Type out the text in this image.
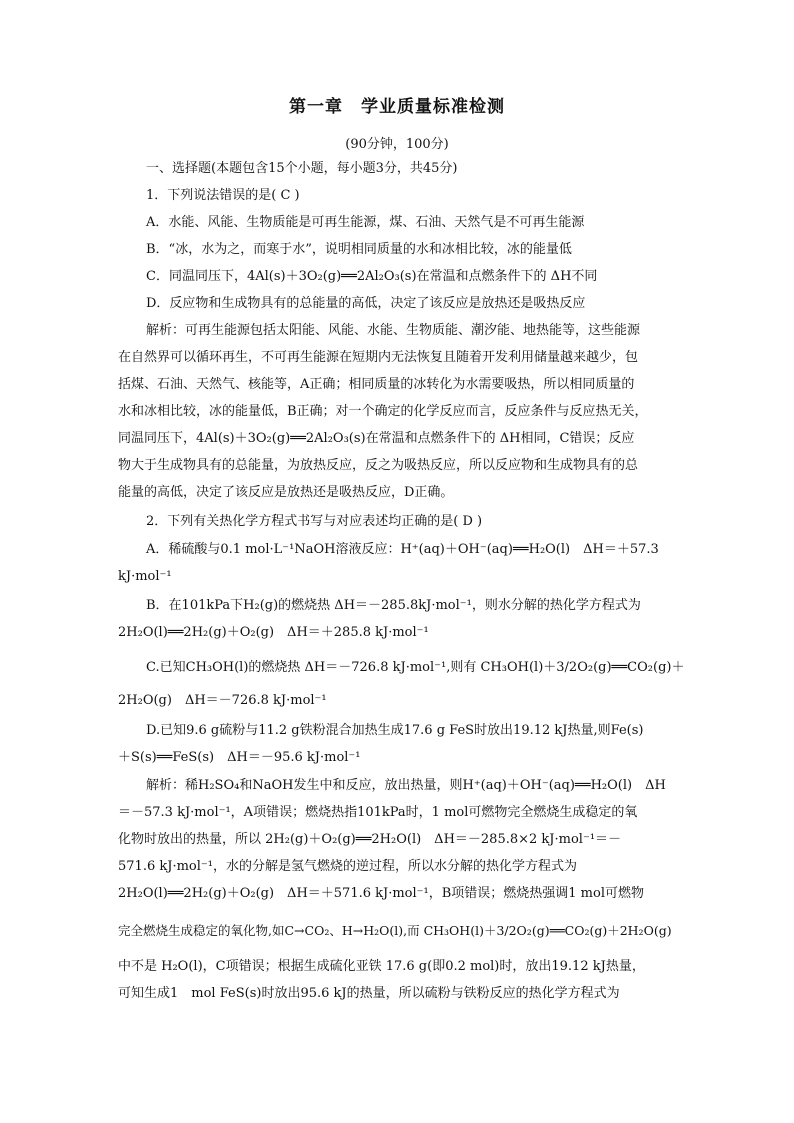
第一章　学业质量标准检测
(90分钟，100分)
一、选择题(本题包含15个小题，每小题3分，共45分)
1．下列说法错误的是( C )
A．水能、风能、生物质能是可再生能源，煤、石油、天然气是不可再生能源
B．“冰，水为之，而寒于水”，说明相同质量的水和冰相比较，冰的能量低
C．同温同压下，4Al(s)＋3O₂(g)══2Al₂O₃(s)在常温和点燃条件下的 ΔH不同
D．反应物和生成物具有的总能量的高低，决定了该反应是放热还是吸热反应
解析：可再生能源包括太阳能、风能、水能、生物质能、潮汐能、地热能等，这些能源
在自然界可以循环再生，不可再生能源在短期内无法恢复且随着开发利用储量越来越少，包
括煤、石油、天然气、核能等，A正确；相同质量的冰转化为水需要吸热，所以相同质量的
水和冰相比较，冰的能量低，B正确；对一个确定的化学反应而言，反应条件与反应热无关，
同温同压下，4Al(s)＋3O₂(g)══2Al₂O₃(s)在常温和点燃条件下的 ΔH相同，C错误；反应
物大于生成物具有的总能量，为放热反应，反之为吸热反应，所以反应物和生成物具有的总
能量的高低，决定了该反应是放热还是吸热反应，D正确。
2．下列有关热化学方程式书写与对应表述均正确的是( D )
A．稀硫酸与0.1 mol·L⁻¹NaOH溶液反应：H⁺(aq)＋OH⁻(aq)══H₂O(l)　ΔH＝＋57.3
kJ·mol⁻¹
B．在101kPa下H₂(g)的燃烧热 ΔH＝－285.8kJ·mol⁻¹，则水分解的热化学方程式为
2H₂O(l)══2H₂(g)＋O₂(g)　ΔH＝＋285.8 kJ·mol⁻¹
C.已知CH₃OH(l)的燃烧热 ΔH＝－726.8 kJ·mol⁻¹,则有 CH₃OH(l)＋3/2O₂(g)══CO₂(g)＋
2H₂O(g)　ΔH＝－726.8 kJ·mol⁻¹
D.已知9.6 g硫粉与11.2 g铁粉混合加热生成17.6 g FeS时放出19.12 kJ热量,则Fe(s)
＋S(s)══FeS(s)　ΔH＝－95.6 kJ·mol⁻¹
解析：稀H₂SO₄和NaOH发生中和反应，放出热量，则H⁺(aq)＋OH⁻(aq)══H₂O(l)　ΔH
＝－57.3 kJ·mol⁻¹，A项错误；燃烧热指101kPa时，1 mol可燃物完全燃烧生成稳定的氧
化物时放出的热量，所以 2H₂(g)＋O₂(g)══2H₂O(l)　ΔH＝－285.8×2 kJ·mol⁻¹＝－
571.6 kJ·mol⁻¹，水的分解是氢气燃烧的逆过程，所以水分解的热化学方程式为
2H₂O(l)══2H₂(g)＋O₂(g)　ΔH＝＋571.6 kJ·mol⁻¹，B项错误；燃烧热强调1 mol可燃物
完全燃烧生成稳定的氧化物,如C→CO₂、H→H₂O(l),而 CH₃OH(l)＋3/2O₂(g)══CO₂(g)＋2H₂O(g)
中不是 H₂O(l)，C项错误；根据生成硫化亚铁 17.6 g(即0.2 mol)时，放出19.12 kJ热量，
可知生成1　mol FeS(s)时放出95.6 kJ的热量，所以硫粉与铁粉反应的热化学方程式为
